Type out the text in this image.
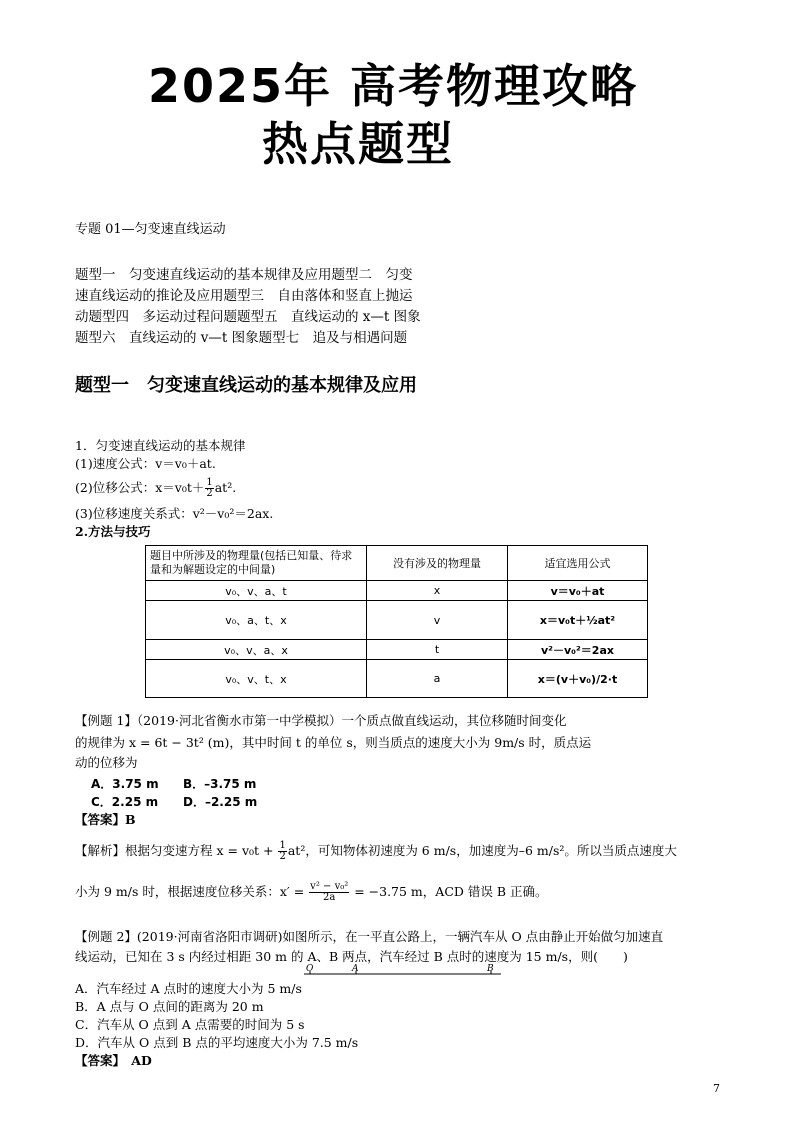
2025年 高考物理攻略
热点题型
专题 01—匀变速直线运动
题型一　匀变速直线运动的基本规律及应用题型二　匀变
速直线运动的推论及应用题型三　自由落体和竖直上抛运
动题型四　多运动过程问题题型五　直线运动的 x—t 图象
题型六　直线运动的 v—t 图象题型七　追及与相遇问题
题型一　匀变速直线运动的基本规律及应用
1．匀变速直线运动的基本规律
(1)速度公式：v＝v₀＋at.
(2)位移公式：$x=v_0t+ \frac{1}{2} at^2$.
(3)位移速度关系式：v²－v₀²＝2ax.
2.方法与技巧
题目中所涉及的物理量(包括已知量、待求量和为解题设定的中间量)	没有涉及的物理量	适宜选用公式
v₀、v、a、t	x	v＝v₀＋at
v₀、a、t、x	v	x＝v₀t＋½at²
v₀、v、a、x	t	v²－v₀²＝2ax
v₀、v、t、x	a	x＝(v＋v₀)/2·t
【例题 1】（2019·河北省衡水市第一中学模拟）一个质点做直线运动，其位移随时间变化
的规律为 x = 6t − 3t² (m)，其中时间 t 的单位 s，则当质点的速度大小为 9m/s 时，质点运
动的位移为
A．3.75 m B．–3.75 m
C．2.25 m D．–2.25 m
【答案】B
【解析】根据匀变速方程 $x = v_0t + \frac{1}{2} at^2$，可知物体初速度为 6 m/s，加速度为–6 m/s²。所以当质点速度大
小为 9 m/s 时，根据速度位移关系：$x' = \frac{\text{v² − v₀²}}{2a} = -3.75$ m，ACD 错误 B 正确。
【例题 2】(2019·河南省洛阳市调研)如图所示，在一平直公路上，一辆汽车从 O 点由静止开始做匀加速直
线运动，已知在 3 s 内经过相距 30 m 的 A、B 两点，汽车经过 B 点时的速度为 15 m/s，则(　　)
O	A	B
A．汽车经过 A 点时的速度大小为 5 m/s
B．A 点与 O 点间的距离为 20 m
C．汽车从 O 点到 A 点需要的时间为 5 s
D．汽车从 O 点到 B 点的平均速度大小为 7.5 m/s
【答案】　AD
7
